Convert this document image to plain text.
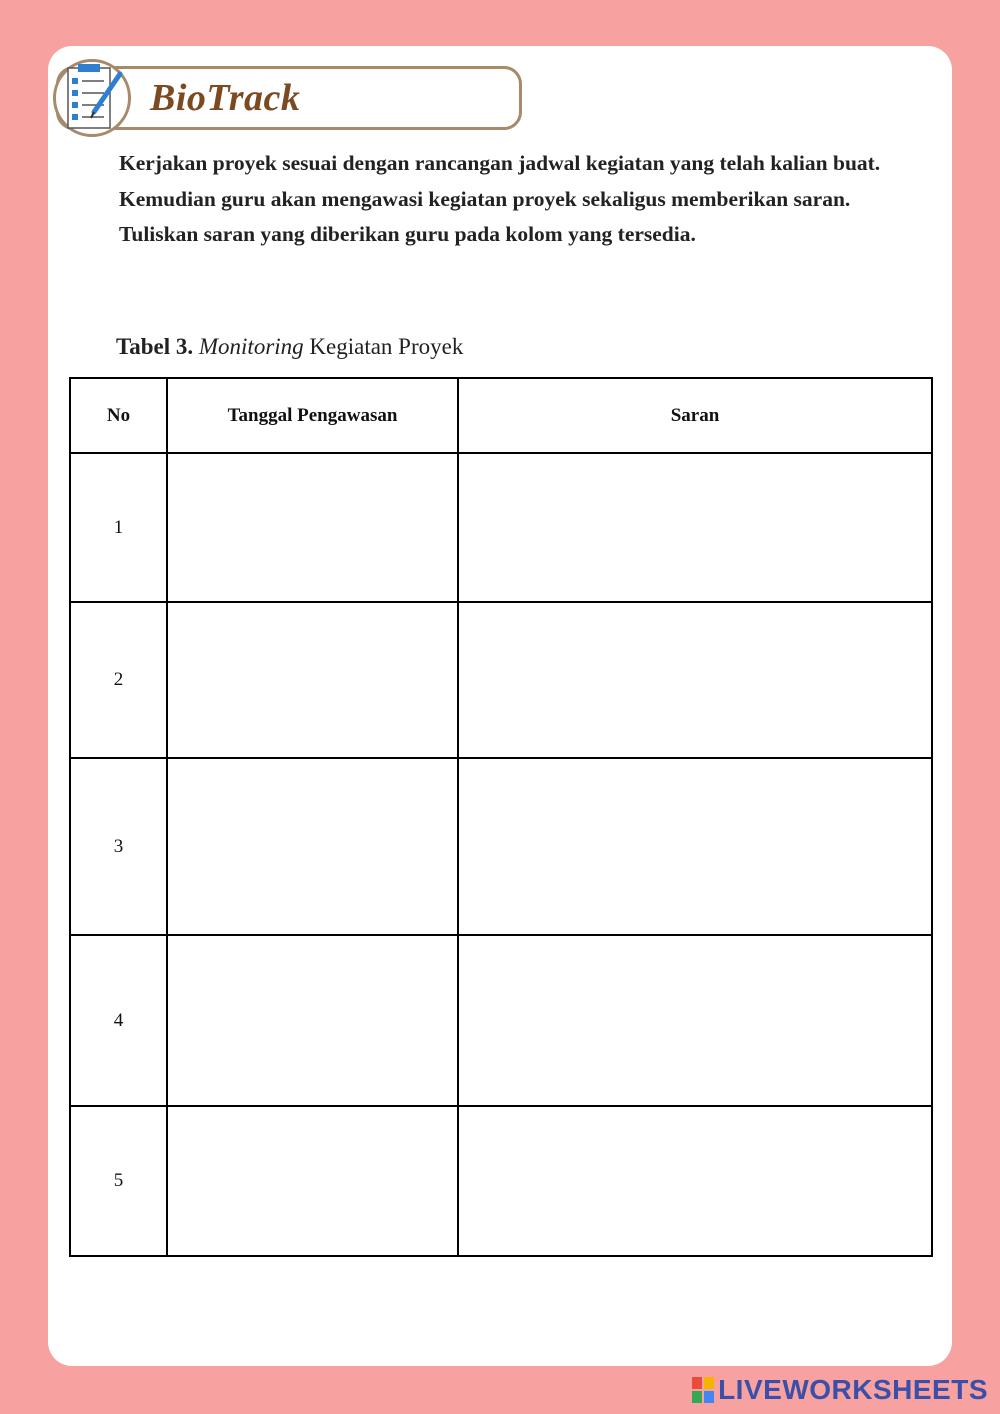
BioTrack

Kerjakan proyek sesuai dengan rancangan jadwal kegiatan yang telah kalian buat. Kemudian guru akan mengawasi kegiatan proyek sekaligus memberikan saran. Tuliskan saran yang diberikan guru pada kolom yang tersedia.

Tabel 3. Monitoring Kegiatan Proyek
No	Tanggal Pengawasan	Saran
1		
2		
3		
4		
5		
LIVEWORKSHEETS
